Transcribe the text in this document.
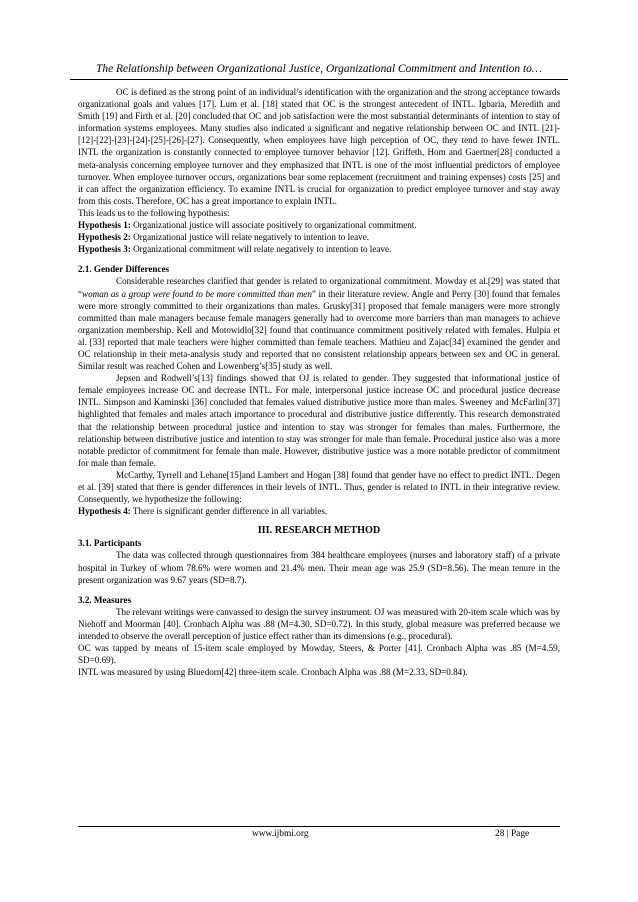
The Relationship between Organizational Justice, Organizational Commitment and Intention to…

OC is defined as the strong point of an individual’s identification with the organization and the strong acceptance towards organizational goals and values [17]. Lum et al. [18] stated that OC is the strongest antecedent of INTL. Igbaria, Meredith and Smith [19] and Firth et al. [20] concluded that OC and job satisfaction were the most substantial determinants of intention to stay of information systems employees. Many studies also indicated a significant and negative relationship between OC and INTL [21]-[12]-[22]-[23]-[24]-[25]-[26]-[27]. Consequently, when employees have high perception of OC, they tend to have fewer INTL. INTL the organization is constantly connected to employee turnover behavior [12]. Griffeth, Hom and Gaertner[28] conducted a meta-analysis concerning employee turnover and they emphasized that INTL is one of the most influential predictors of employee turnover. When employee turnover occurs, organizations bear some replacement (recruitment and training expenses) costs [25] and it can affect the organization efficiency. To examine INTL is crucial for organization to predict employee turnover and stay away from this costs. Therefore, OC has a great importance to explain INTL.

This leads us to the following hypothesis:

Hypothesis 1: Organizational justice will associate positively to organizational commitment.

Hypothesis 2: Organizational justice will relate negatively to intention to leave.

Hypothesis 3: Organizational commitment will relate negatively to intention to leave.

2.1. Gender Differences

Considerable researches clarified that gender is related to organizational commitment. Mowday et al.[29] was stated that “woman as a group were found to be more committed than men” in their literature review. Angle and Perry [30] found that females were more strongly committed to their organizations than males. Grusky[31] proposed that female managers were more strongly committed than male managers because female managers generally had to overcome more barriers than man managers to achieve organization membership. Kell and Motowidlo[32] found that continuance commitment positively related with females. Hulpia et al. [33] reported that male teachers were higher committed than female teachers. Mathieu and Zajac[34] examined the gender and OC relationship in their meta-analysis study and reported that no consistent relationship appears between sex and OC in general. Similar result was reached Cohen and Lowenberg’s[35] study as well.

Jepsen and Rodwell’s[13] findings showed that OJ is related to gender. They suggested that informational justice of female employees increase OC and decrease INTL. For male, interpersonal justice increase OC and procedural justice decrease INTL. Simpson and Kaminski [36] concluded that females valued distributive justice more than males. Sweeney and McFarlin[37] highlighted that females and males attach importance to procedural and distributive justice differently. This research demonstrated that the relationship between procedural justice and intention to stay was stronger for females than males. Furthermore, the relationship between distributive justice and intention to stay was stronger for male than female. Procedural justice also was a more notable predictor of commitment for female than male. However, distributive justice was a more notable predictor of commitment for male than female.

McCarthy, Tyrrell and Lehane[15]and Lambert and Hogan [38] found that gender have no effect to predict INTL. Degen et al. [39] stated that there is gender differences in their levels of INTL. Thus, gender is related to INTL in their integrative review. Consequently, we hypothesize the following:

Hypothesis 4: There is significant gender difference in all variables.

III. RESEARCH METHOD

3.1. Participants

The data was collected through questionnaires from 384 healthcare employees (nurses and laboratory staff) of a private hospital in Turkey of whom 78.6% were women and 21.4% men. Their mean age was 25.9 (SD=8.56). The mean tenure in the present organization was 9.67 years (SD=8.7).

3.2. Measures

The relevant writings were canvassed to design the survey instrument. OJ was measured with 20-item scale which was by Niehoff and Moorman [40]. Cronbach Alpha was .88 (M=4.30, SD=0.72). In this study, global measure was preferred because we intended to observe the overall perception of justice effect rather than its dimensions (e.g., procedural).

OC was tapped by means of 15-item scale employed by Mowday, Steers, & Porter [41]. Cronbach Alpha was .85 (M=4.59, SD=0.69).

INTL was measured by using Bluedorn[42] three-item scale. Cronbach Alpha was .88 (M=2.33, SD=0.84).

www.ijbmi.org	28 | Page
